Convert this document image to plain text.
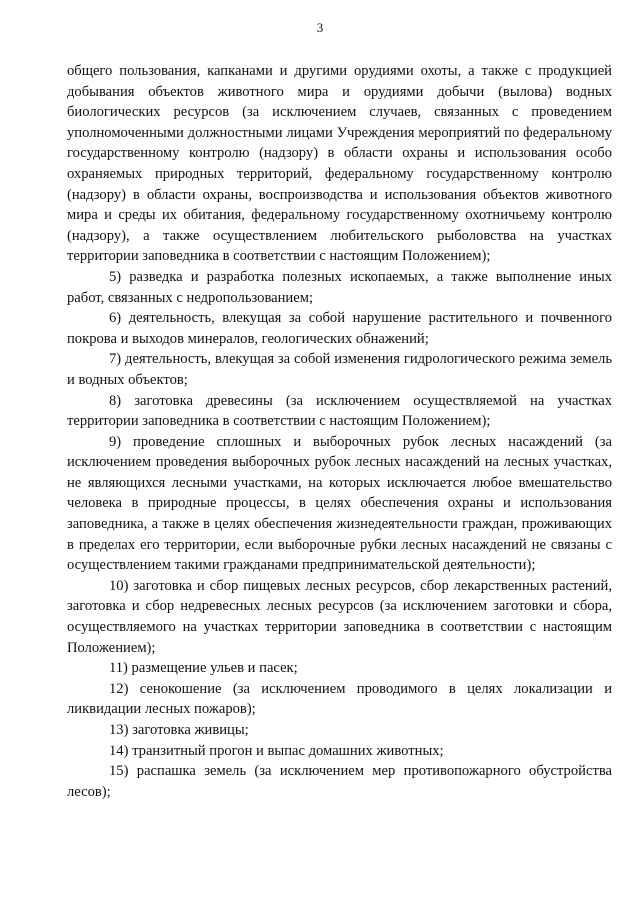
3

общего пользования, капканами и другими орудиями охоты, а также с продукцией добывания объектов животного мира и орудиями добычи (вылова) водных биологических ресурсов (за исключением случаев, связанных с проведением уполномоченными должностными лицами Учреждения мероприятий по федеральному государственному контролю (надзору) в области охраны и использования особо охраняемых природных территорий, федеральному государственному контролю (надзору) в области охраны, воспроизводства и использования объектов животного мира и среды их обитания, федеральному государственному охотничьему контролю (надзору), а также осуществлением любительского рыболовства на участках территории заповедника в соответствии с настоящим Положением);

5) разведка и разработка полезных ископаемых, а также выполнение иных работ, связанных с недропользованием;

6) деятельность, влекущая за собой нарушение растительного и почвенного покрова и выходов минералов, геологических обнажений;

7) деятельность, влекущая за собой изменения гидрологического режима земель и водных объектов;

8) заготовка древесины (за исключением осуществляемой на участках территории заповедника в соответствии с настоящим Положением);

9) проведение сплошных и выборочных рубок лесных насаждений (за исключением проведения выборочных рубок лесных насаждений на лесных участках, не являющихся лесными участками, на которых исключается любое вмешательство человека в природные процессы, в целях обеспечения охраны и использования заповедника, а также в целях обеспечения жизнедеятельности граждан, проживающих в пределах его территории, если выборочные рубки лесных насаждений не связаны с осуществлением такими гражданами предпринимательской деятельности);

10) заготовка и сбор пищевых лесных ресурсов, сбор лекарственных растений, заготовка и сбор недревесных лесных ресурсов (за исключением заготовки и сбора, осуществляемого на участках территории заповедника в соответствии с настоящим Положением);

11) размещение ульев и пасек;

12) сенокошение (за исключением проводимого в целях локализации и ликвидации лесных пожаров);

13) заготовка живицы;

14) транзитный прогон и выпас домашних животных;

15) распашка земель (за исключением мер противопожарного обустройства лесов);
